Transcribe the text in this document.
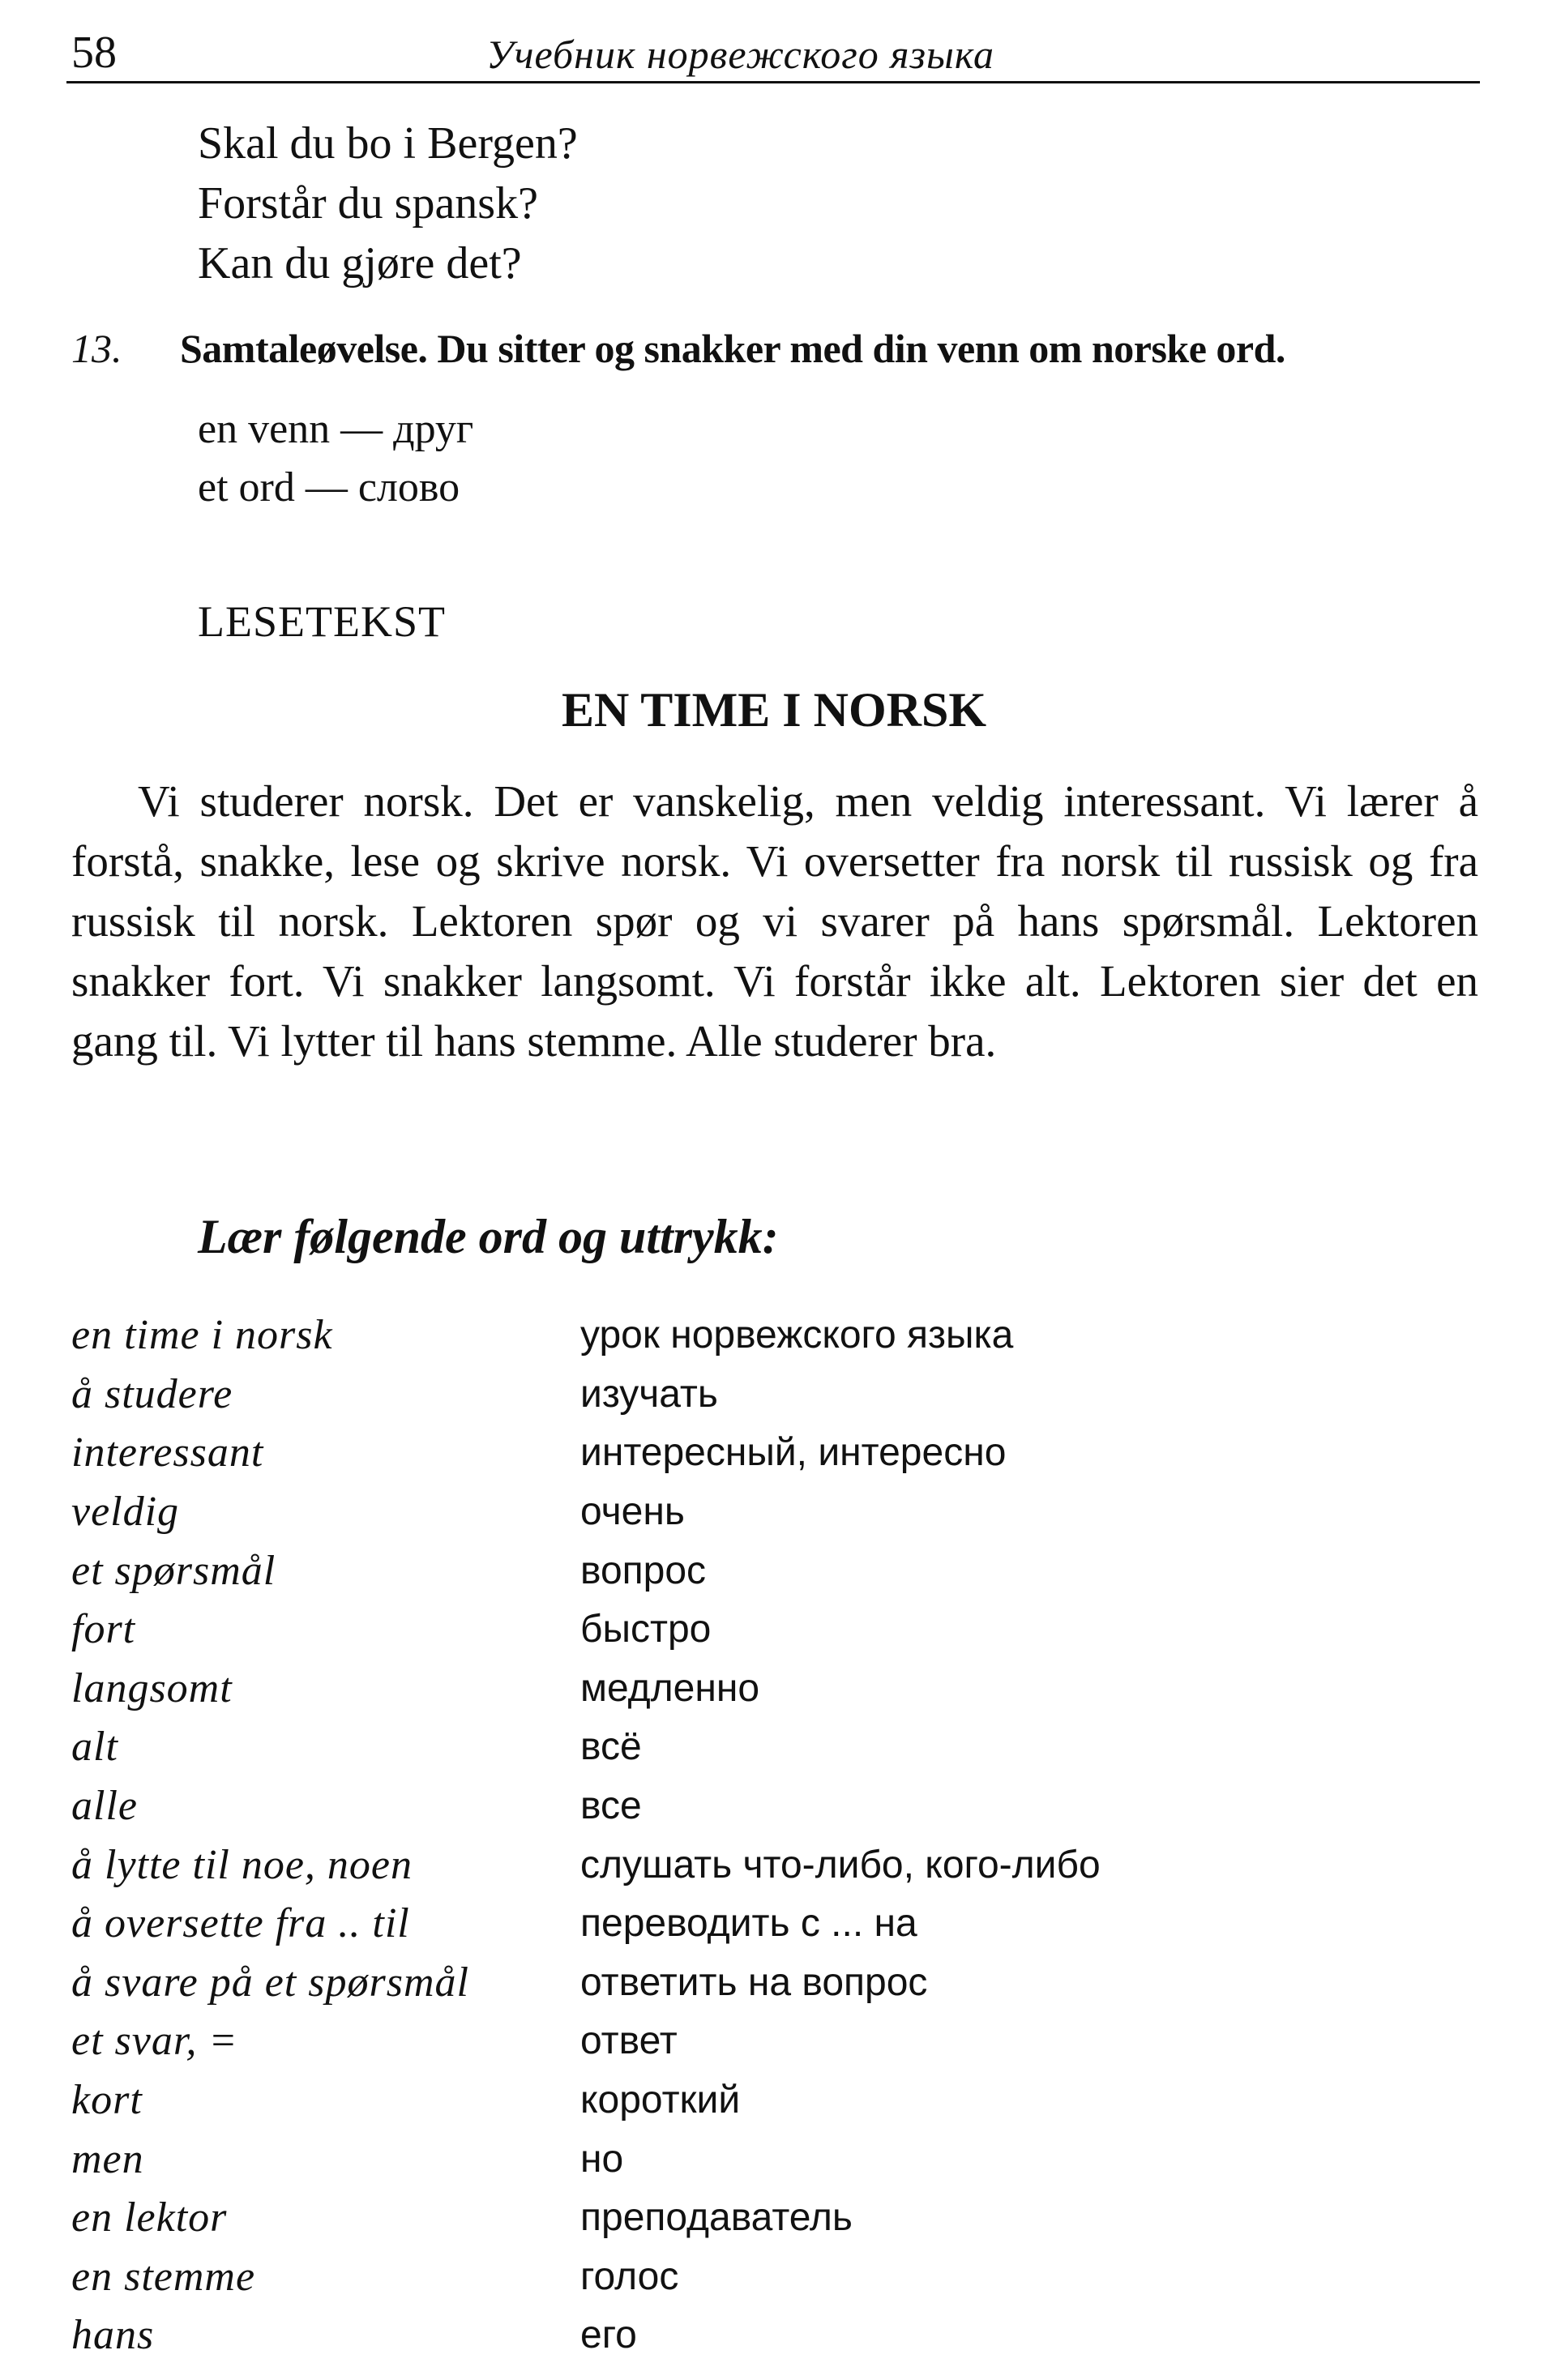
58	Учебник норвежского языка
Skal du bo i Bergen?
Forstår du spansk?
Kan du gjøre det?
13. Samtaleøvelse. Du sitter og snakker med din venn om norske ord.
en venn — друг
et ord — слово
LESETEKST
EN TIME I NORSK
Vi studerer norsk. Det er vanskelig, men veldig interessant. Vi lærer å forstå, snakke, lese og skrive norsk. Vi oversetter fra norsk til russisk og fra russisk til norsk. Lektoren spør og vi svarer på hans spørsmål. Lektoren snakker fort. Vi snakker langsomt. Vi forstår ikke alt. Lektoren sier det en gang til. Vi lytter til hans stemme. Alle studerer bra.
Lær følgende ord og uttrykk:
en time i norsk	урок норвежского языка
å studere	изучать
interessant	интересный, интересно
veldig	очень
et spørsmål	вопрос
fort	быстро
langsomt	медленно
alt	всё
alle	все
å lytte til noe, noen	слушать что-либо, кого-либо
å oversette fra .. til	переводить с ... на
å svare på et spørsmål	ответить на вопрос
et svar, =	ответ
kort	короткий
men	но
en lektor	преподаватель
en stemme	голос
hans	его
